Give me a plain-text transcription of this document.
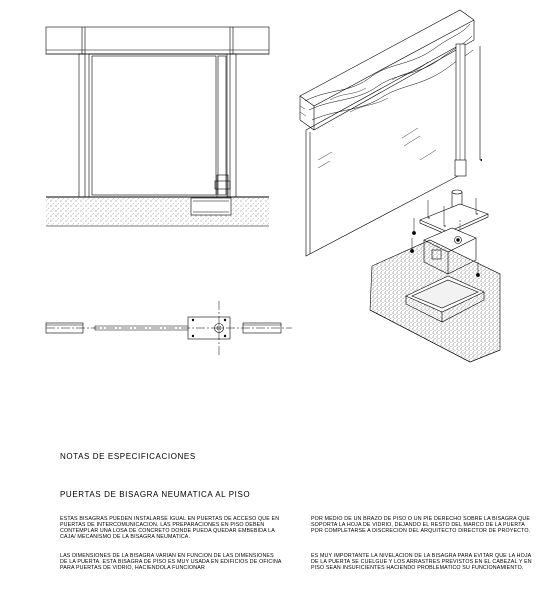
NOTAS DE ESPECIFICACIONES
PUERTAS DE BISAGRA NEUMATICA AL PISO
ESTAS BISAGRAS PUEDEN INSTALARSE IGUAL EN PUERTAS DE ACCESO QUE EN PUERTAS DE INTERCOMUNICACION. LAS PREPARACIONES EN PISO DEBEN CONTEMPLAR UNA LOSA DE CONCRETO DONDE PUEDA QUEDAR EMBEBIDA LA CAJA/ MECANISMO DE LA BISAGRA NEUMATICA.
LAS DIMENSIONES DE LA BISAGRA VARIAN EN FUNCION DE LAS DIMENSIONES DE LA PUERTA. ESTA BISAGRA DE PISO ES MUY USADA EN EDIFICIOS DE OFICINA PARA PUERTAS DE VIDRIO, HACIENDOLA FUNCIONAR
POR MEDIO DE UN BRAZO DE PISO O UN PIE DERECHO SOBRE LA BISAGRA QUE SOPORTA LA HOJA DE VIDRIO, DEJANDO EL RESTO DEL MARCO DE LA PUERTA POR COMPLETARSE A DISCRECION DEL ARQUITECTO DIRECTOR DE PROYECTO.
ES MUY IMPORTANTE LA NIVELACION DE LA BISAGRA PARA EVITAR QUE LA HOJA DE LA PUERTA SE CUELGUE Y LOS ARRASTRES PREVISTOS EN EL CABEZAL Y EN PISO SEAN INSUFICIENTES HACIENDO PROBLEMATICO SU FUNCIONAMIENTO.
